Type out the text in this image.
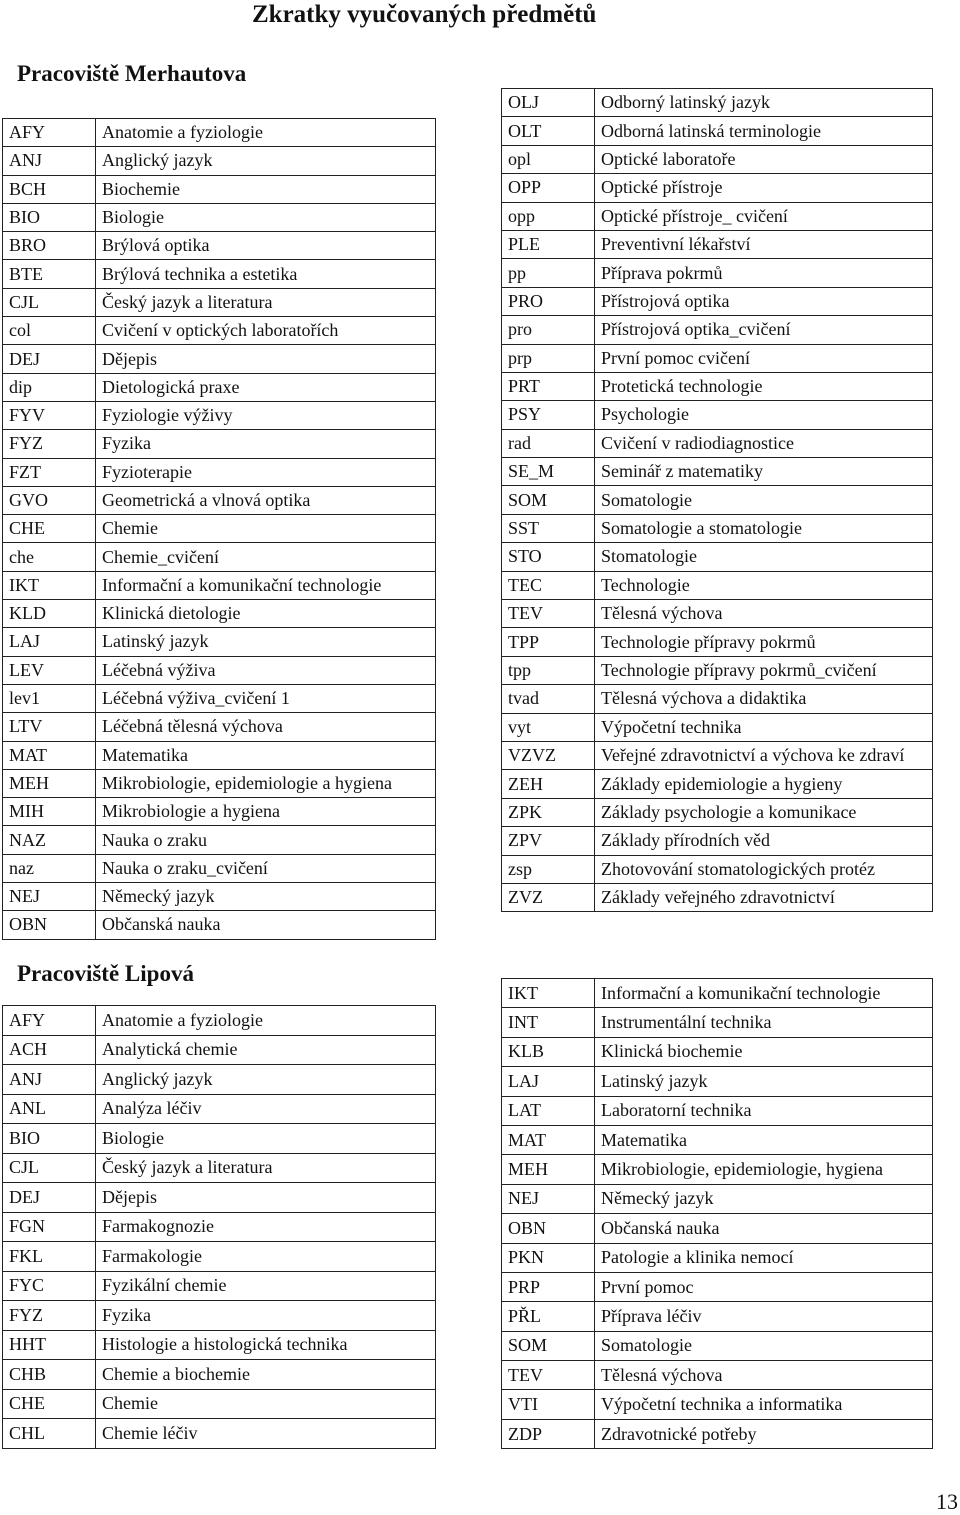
Zkratky vyučovaných předmětů
Pracoviště Merhautova
AFY	Anatomie a fyziologie
ANJ	Anglický jazyk
BCH	Biochemie
BIO	Biologie
BRO	Brýlová optika
BTE	Brýlová technika a estetika
CJL	Český jazyk a literatura
col	Cvičení v optických laboratořích
DEJ	Dějepis
dip	Dietologická praxe
FYV	Fyziologie výživy
FYZ	Fyzika
FZT	Fyzioterapie
GVO	Geometrická a vlnová optika
CHE	Chemie
che	Chemie_cvičení
IKT	Informační a komunikační technologie
KLD	Klinická dietologie
LAJ	Latinský jazyk
LEV	Léčebná výživa
lev1	Léčebná výživa_cvičení 1
LTV	Léčebná tělesná výchova
MAT	Matematika
MEH	Mikrobiologie, epidemiologie a hygiena
MIH	Mikrobiologie a hygiena
NAZ	Nauka o zraku
naz	Nauka o zraku_cvičení
NEJ	Německý jazyk
OBN	Občanská nauka
OLJ	Odborný latinský jazyk
OLT	Odborná latinská terminologie
opl	Optické laboratoře
OPP	Optické přístroje
opp	Optické přístroje_ cvičení
PLE	Preventivní lékařství
pp	Příprava pokrmů
PRO	Přístrojová optika
pro	Přístrojová optika_cvičení
prp	První pomoc cvičení
PRT	Protetická technologie
PSY	Psychologie
rad	Cvičení v radiodiagnostice
SE_M	Seminář z matematiky
SOM	Somatologie
SST	Somatologie a stomatologie
STO	Stomatologie
TEC	Technologie
TEV	Tělesná výchova
TPP	Technologie přípravy pokrmů
tpp	Technologie přípravy pokrmů_cvičení
tvad	Tělesná výchova a didaktika
vyt	Výpočetní technika
VZVZ	Veřejné zdravotnictví a výchova ke zdraví
ZEH	Základy epidemiologie a hygieny
ZPK	Základy psychologie a komunikace
ZPV	Základy přírodních věd
zsp	Zhotovování stomatologických protéz
ZVZ	Základy veřejného zdravotnictví
Pracoviště Lipová
AFY	Anatomie a fyziologie
ACH	Analytická chemie
ANJ	Anglický jazyk
ANL	Analýza léčiv
BIO	Biologie
CJL	Český jazyk a literatura
DEJ	Dějepis
FGN	Farmakognozie
FKL	Farmakologie
FYC	Fyzikální chemie
FYZ	Fyzika
HHT	Histologie a histologická technika
CHB	Chemie a biochemie
CHE	Chemie
CHL	Chemie léčiv
IKT	Informační a komunikační technologie
INT	Instrumentální technika
KLB	Klinická biochemie
LAJ	Latinský jazyk
LAT	Laboratorní technika
MAT	Matematika
MEH	Mikrobiologie, epidemiologie, hygiena
NEJ	Německý jazyk
OBN	Občanská nauka
PKN	Patologie a klinika nemocí
PRP	První pomoc
PŘL	Příprava léčiv
SOM	Somatologie
TEV	Tělesná výchova
VTI	Výpočetní technika a informatika
ZDP	Zdravotnické potřeby
13
